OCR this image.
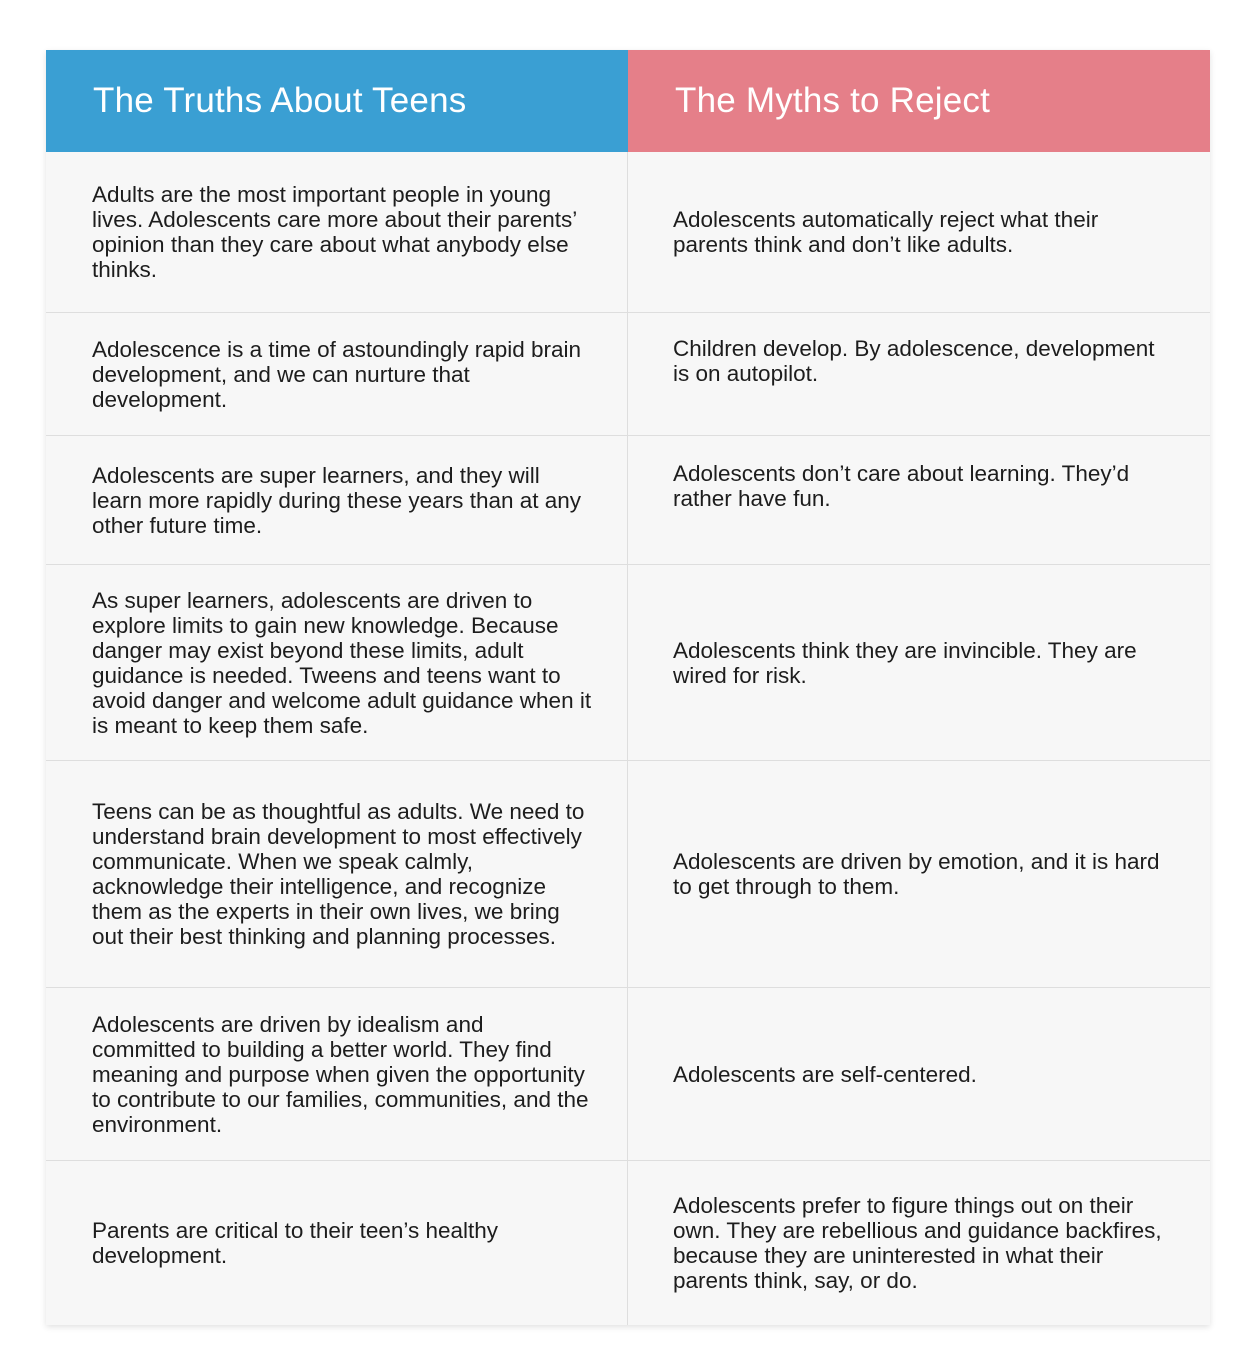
The Truths About Teens	The Myths to Reject
Adults are the most important people in young lives. Adolescents care more about their parents’ opinion than they care about what anybody else thinks.
Adolescents automatically reject what their parents think and don’t like adults.
Adolescence is a time of astoundingly rapid brain development, and we can nurture that development.
Children develop. By adolescence, development is on autopilot.
Adolescents are super learners, and they will learn more rapidly during these years than at any other future time.
Adolescents don’t care about learning. They’d rather have fun.
As super learners, adolescents are driven to explore limits to gain new knowledge. Because danger may exist beyond these limits, adult guidance is needed. Tweens and teens want to avoid danger and welcome adult guidance when it is meant to keep them safe.
Adolescents think they are invincible. They are wired for risk.
Teens can be as thoughtful as adults. We need to understand brain development to most effectively communicate. When we speak calmly, acknowledge their intelligence, and recognize them as the experts in their own lives, we bring out their best thinking and planning processes.
Adolescents are driven by emotion, and it is hard to get through to them.
Adolescents are driven by idealism and committed to building a better world. They find meaning and purpose when given the opportunity to contribute to our families, communities, and the environment.
Adolescents are self-centered.
Parents are critical to their teen’s healthy development.
Adolescents prefer to figure things out on their own. They are rebellious and guidance backfires, because they are uninterested in what their parents think, say, or do.
